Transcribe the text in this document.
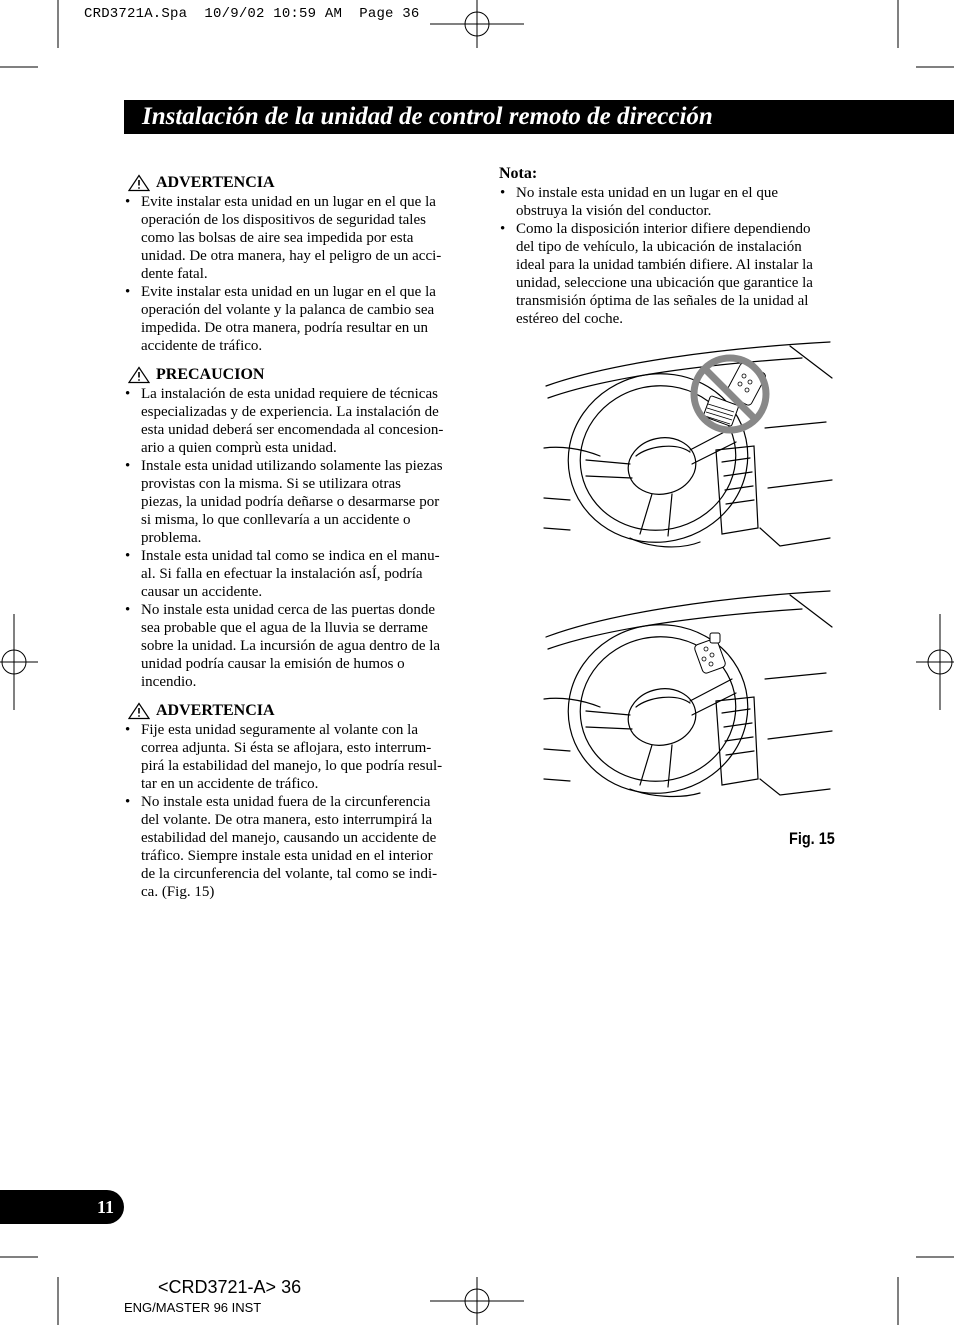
CRD3721A.Spa  10/9/02 10:59 AM  Page 36
Instalación de la unidad de control remoto de dirección
ADVERTENCIA
• Evite instalar esta unidad en un lugar en el que la
operación de los dispositivos de seguridad tales
como las bolsas de aire sea impedida por esta
unidad. De otra manera, hay el peligro de un acci-
dente fatal.
• Evite instalar esta unidad en un lugar en el que la
operación del volante y la palanca de cambio sea
impedida. De otra manera, podría resultar en un
accidente de tráfico.
PRECAUCION
• La instalación de esta unidad requiere de técnicas
especializadas y de experiencia. La instalación de
esta unidad deberá ser encomendada al concesion-
ario a quien comprù esta unidad.
• Instale esta unidad utilizando solamente las piezas
provistas con la misma. Si se utilizara otras
piezas, la unidad podría deñarse o desarmarse por
si misma, lo que conllevaría a un accidente o
problema.
• Instale esta unidad tal como se indica en el manu-
al. Si falla en efectuar la instalación asÍ, podría
causar un accidente.
• No instale esta unidad cerca de las puertas donde
sea probable que el agua de la lluvia se derrame
sobre la unidad. La incursión de agua dentro de la
unidad podría causar la emisión de humos o
incendio.
ADVERTENCIA
• Fije esta unidad seguramente al volante con la
correa adjunta. Si ésta se aflojara, esto interrum-
pirá la estabilidad del manejo, lo que podría resul-
tar en un accidente de tráfico.
• No instale esta unidad fuera de la circunferencia
del volante. De otra manera, esto interrumpirá la
estabilidad del manejo, causando un accidente de
tráfico. Siempre instale esta unidad en el interior
de la circunferencia del volante, tal como se indi-
ca. (Fig. 15)
Nota:
• No instale esta unidad en un lugar en el que
obstruya la visión del conductor.
• Como la disposición interior difiere dependiendo
del tipo de vehículo, la ubicación de instalación
ideal para la unidad también difiere. Al instalar la
unidad, seleccione una ubicación que garantice la
transmisión óptima de las señales de la unidad al
estéreo del coche.
Fig. 15
11
<CRD3721-A> 36
ENG/MASTER 96 INST
